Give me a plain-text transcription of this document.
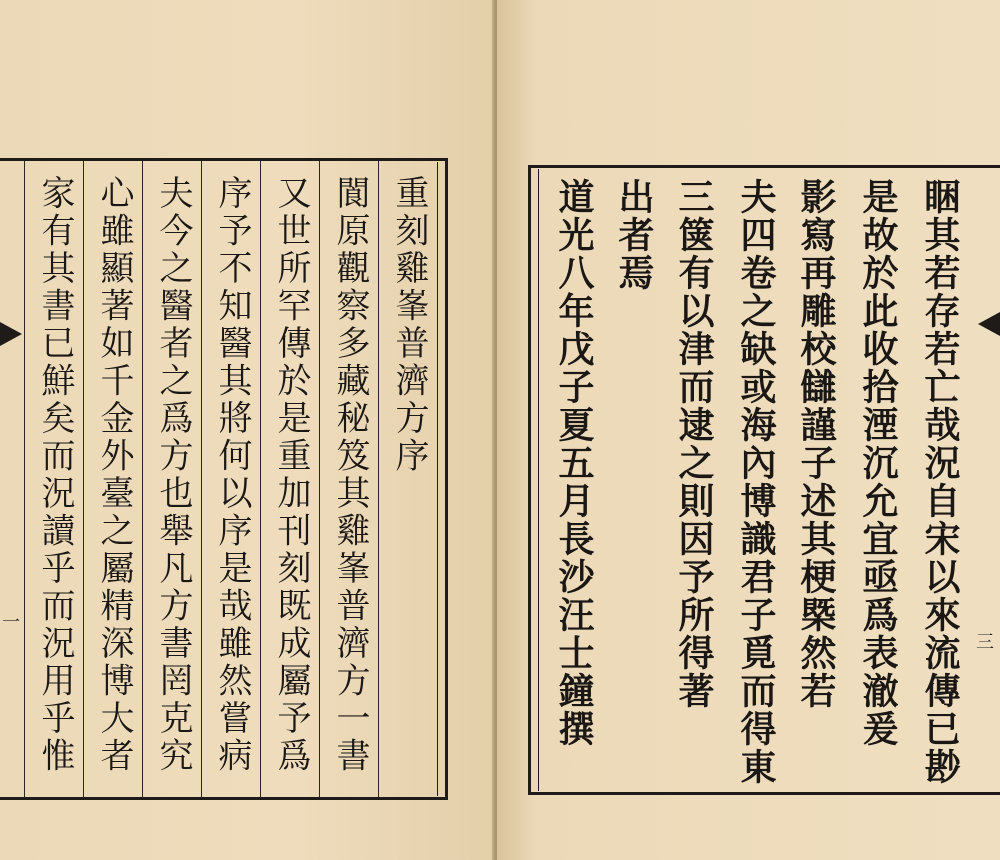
重刻雞峯普濟方序
閬原觀察多藏秘笈其雞峯普濟方一書
又世所罕傳於是重加刊刻既成屬予爲
序予不知醫其將何以序是哉雖然嘗病
夫今之醫者之爲方也舉凡方書罔克究
心雖顯著如千金外臺之屬精深博大者
家有其書已鮮矣而況讀乎而況用乎惟
一	睏其若存若亡哉況自宋以來流傳已尠
是故於此收拾湮沉允宜亟爲表澈爰
影寫再雕校讎謹子述其梗槩然若
夫四卷之缺或海內博識君子覓而得東
三箧有以津而逮之則因予所得著
出者焉
道光八年戊子夏五月長沙汪士鐘撰	三
